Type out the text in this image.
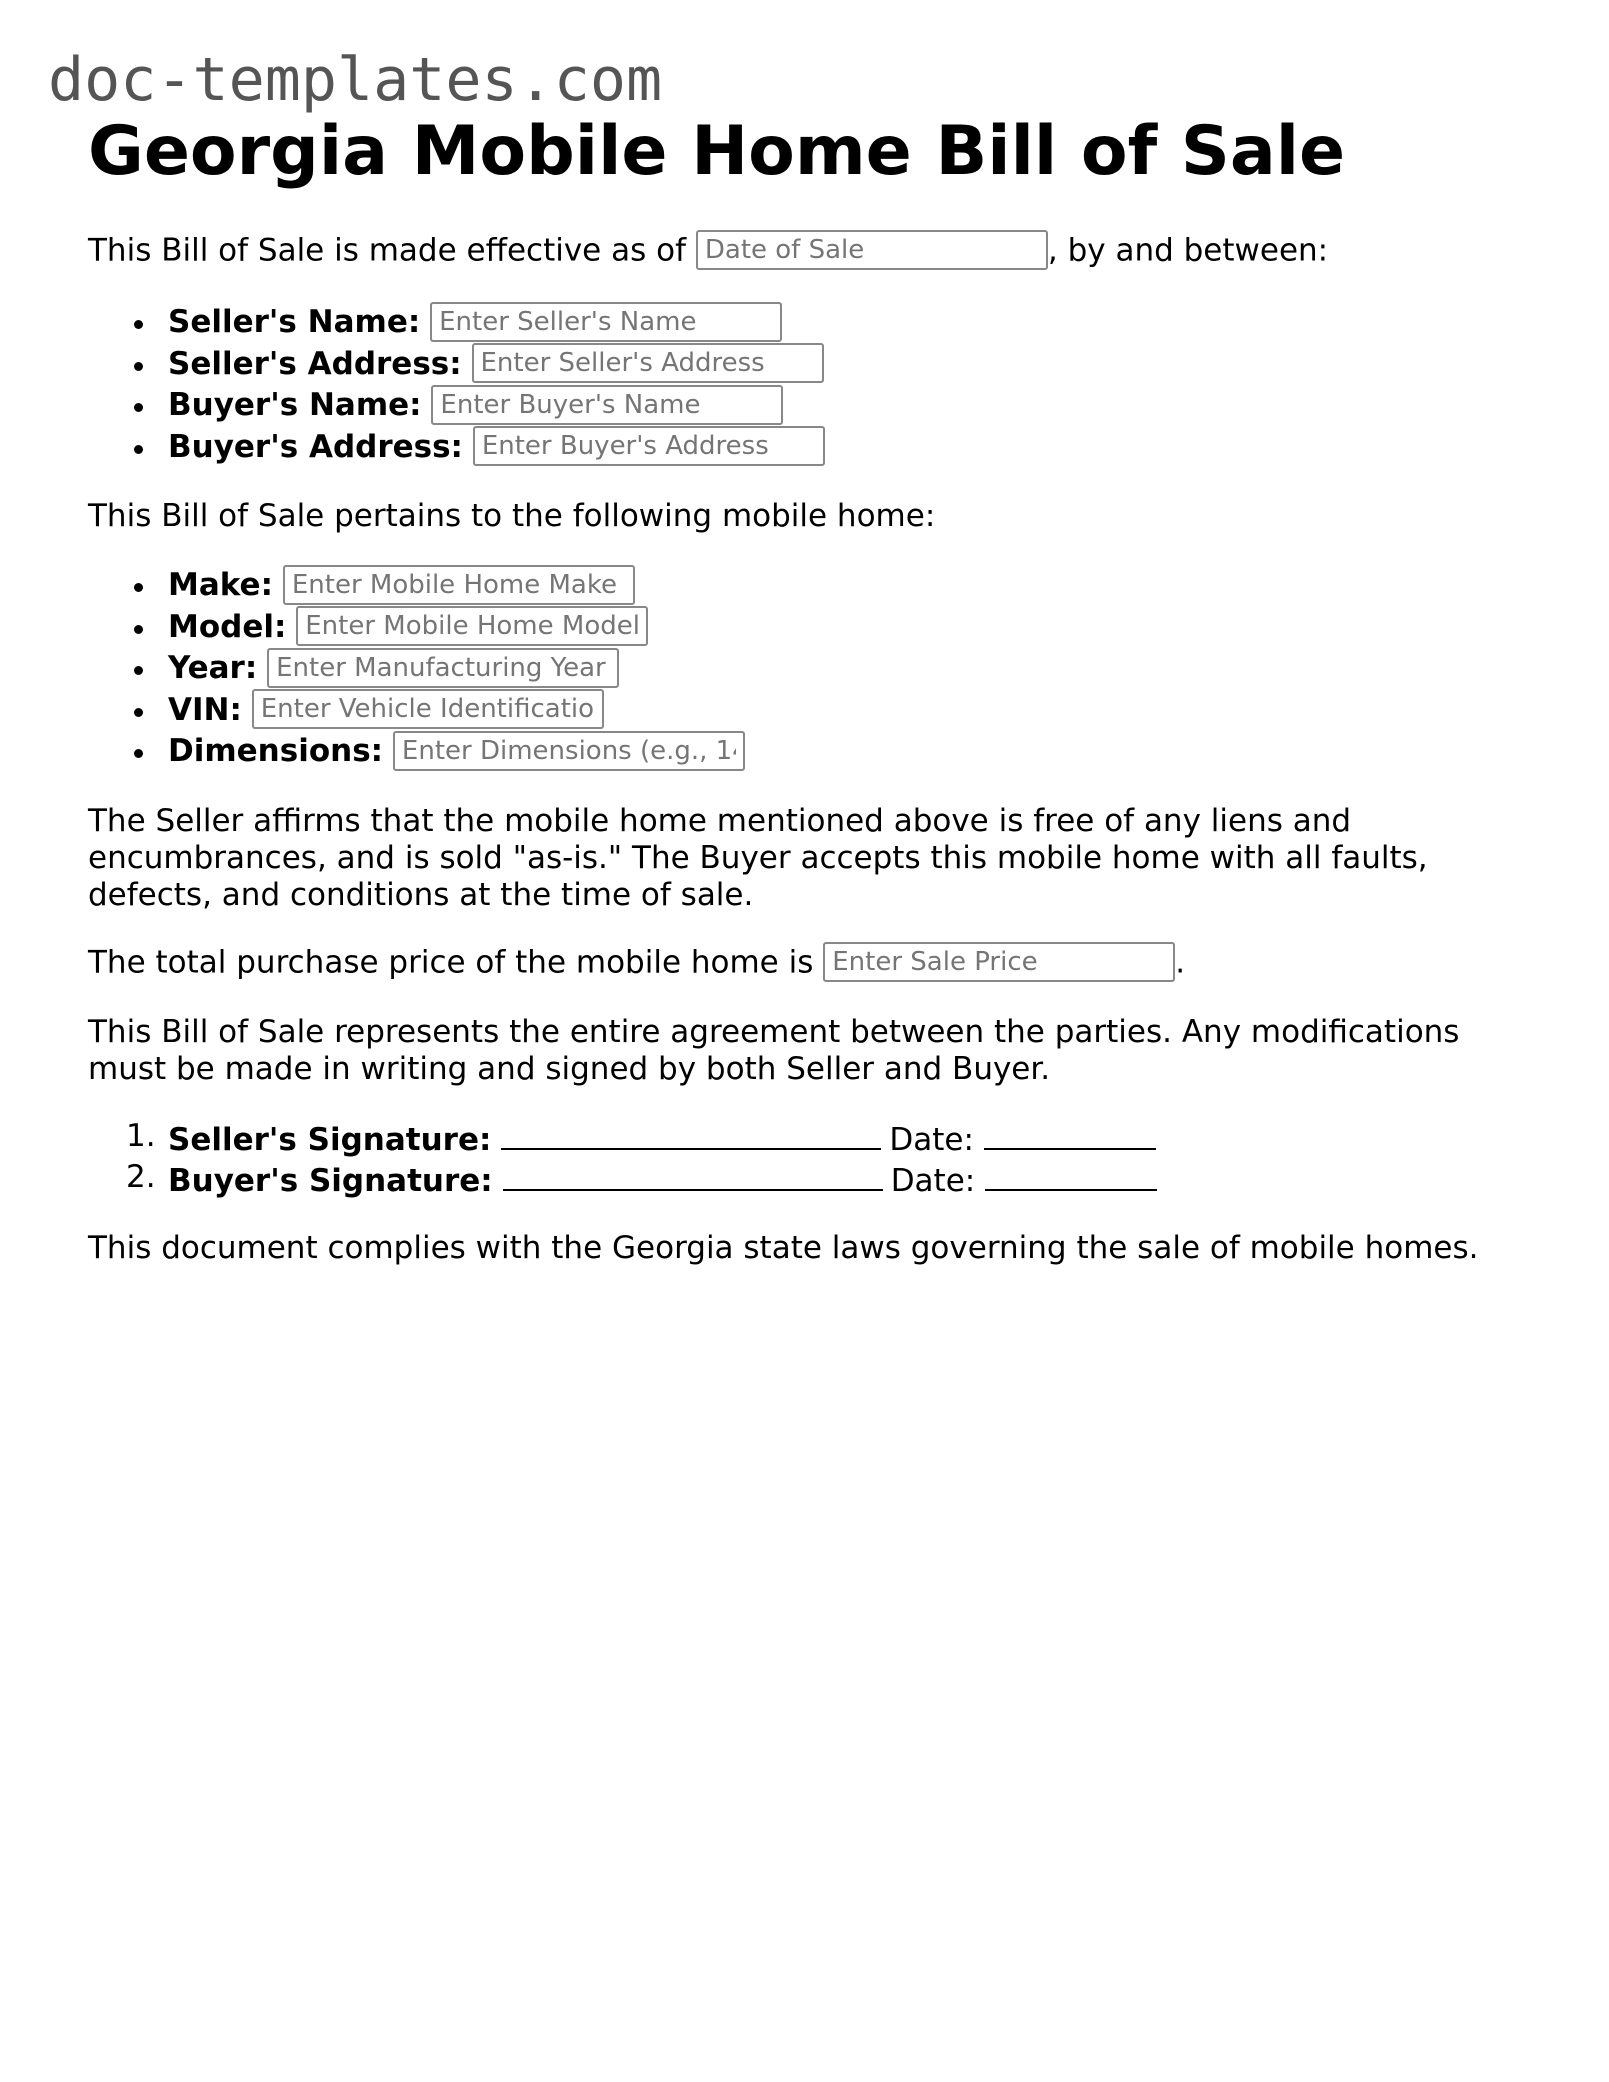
doc-templates.com
Georgia Mobile Home Bill of Sale
This Bill of Sale is made effective as of Date of Sale	, by and between:
Seller's Name: Enter Seller's Name
Seller's Address: Enter Seller's Address
Buyer's Name: Enter Buyer's Name
Buyer's Address: Enter Buyer's Address

This Bill of Sale pertains to the following mobile home:

Make: Enter Mobile Home Make
Model: Enter Mobile Home Model
Year: Enter Manufacturing Year
VIN: Enter Vehicle Identification
Dimensions: Enter Dimensions (e.g., 14

The Seller affirms that the mobile home mentioned above is free of any liens and encumbrances, and is sold "as-is." The Buyer accepts this mobile home with all faults, defects, and conditions at the time of sale.

The total purchase price of the mobile home is Enter Sale Price	.

This Bill of Sale represents the entire agreement between the parties. Any modifications must be made in writing and signed by both Seller and Buyer.

1. Seller's Signature:	Date:
2. Buyer's Signature:	Date:

This document complies with the Georgia state laws governing the sale of mobile homes.
